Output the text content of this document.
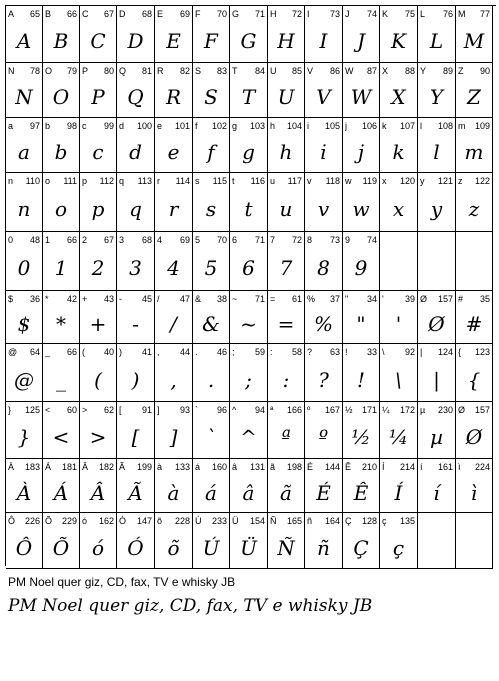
A 65
A
B 66
B
C 67
C
D 68
D
E 69
E
F 70
F
G 71
G
H 72
H
I 73
I
J 74
J
K 75
K
L 76
L
M 77
M
N 78
N
O 79
O
P 80
P
Q 81
Q
R 82
R
S 83
S
T 84
T
U 85
U
V 86
V
W 87
W
X 88
X
Y 89
Y
Z 90
Z
a 97
a
b 98
b
c 99
c
d 100
d
e 101
e
f 102
f
g 103
g
h 104
h
i 105
i
j 106
j
k 107
k
l 108
l
m 109
m
n 110
n
o 111
o
p 112
p
q 113
q
r 114
r
s 115
s
t 116
t
u 117
u
v 118
v
w 119
w
x 120
x
y 121
y
z 122
z
0 48
0
1 66
1
2 67
2
3 68
3
4 69
4
5 70
5
6 71
6
7 72
7
8 73
8
9 74
9
$ 36
$
* 42
*
+ 43
+
- 45
-
/ 47
/
& 38
&
~ 71
~
= 61
=
% 37
%
" 34
"
' 39
'
Ø 157
Ø
# 35
#
@ 64
@
_ 66
_
( 40
(
) 41
)
, 44
,
. 46
.
; 59
;
: 58
:
? 63
?
! 33
!
\ 92
\
| 124
|
{ 123
{
} 125
}
< 60
<
> 62
>
[ 91
[
] 93
]
` 96
`
^ 94
^
ª 166
ª
º 167
º
½ 171
½
¼ 172
¼
µ 230
µ
Ø 157
Ø
À 183
À
Á 181
Á
Â 182
Â
Ã 199
Ã
à 133
à
á 160
á
â 131
â
ã 198
ã
É 144
É
Ê 210
Ê
Í 214
Í
í 161
í
ì 224
ì
Ô 226
Ô
Õ 229
Õ
ó 162
ó
Ó 147
Ó
õ 228
õ
Ú 233
Ú
Ü 154
Ü
Ñ 165
Ñ
ñ 164
ñ
Ç 128
Ç
ç 135
ç
PM Noel quer giz, CD, fax, TV e whisky JB
PM Noel quer giz, CD, fax, TV e whisky JB
